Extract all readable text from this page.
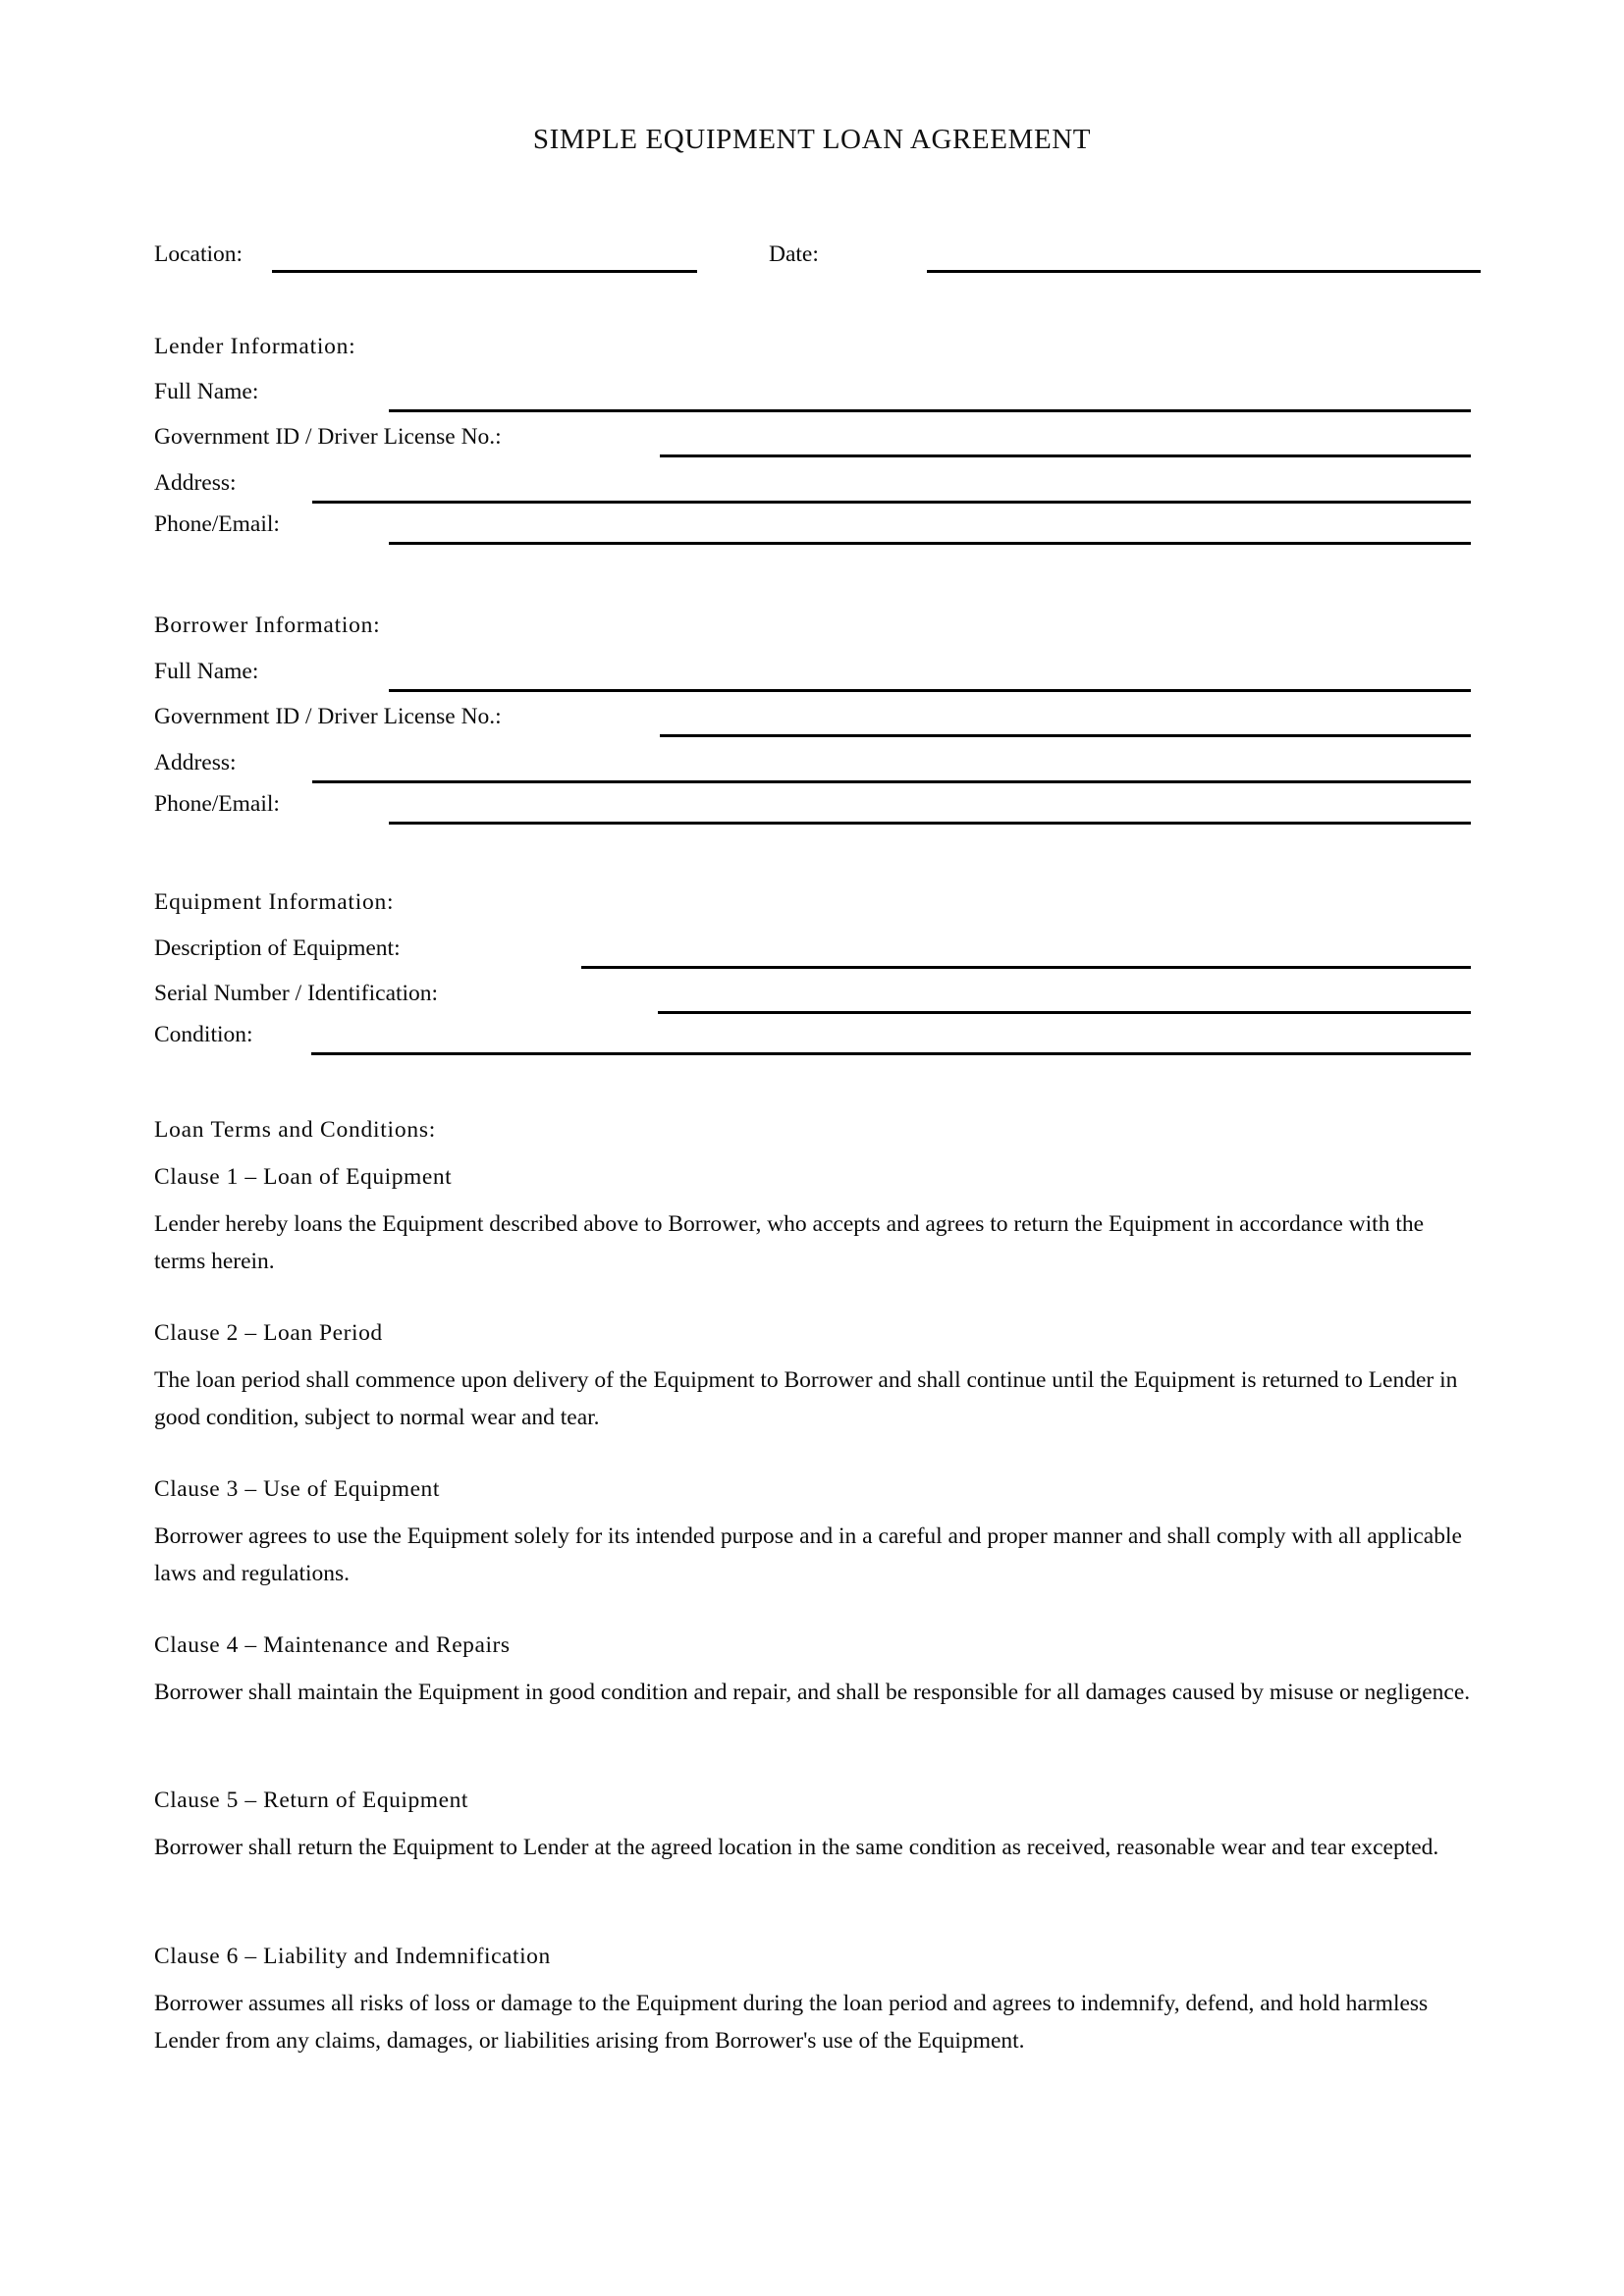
SIMPLE EQUIPMENT LOAN AGREEMENT
Location:	Date:
Lender Information:
Full Name:
Government ID / Driver License No.:
Address:
Phone/Email:
Borrower Information:
Full Name:
Government ID / Driver License No.:
Address:
Phone/Email:
Equipment Information:
Description of Equipment:
Serial Number / Identification:
Condition:
Loan Terms and Conditions:
Clause 1 – Loan of Equipment
Lender hereby loans the Equipment described above to Borrower, who accepts and agrees to return the Equipment in accordance with the terms herein.
Clause 2 – Loan Period
The loan period shall commence upon delivery of the Equipment to Borrower and shall continue until the Equipment is returned to Lender in good condition, subject to normal wear and tear.
Clause 3 – Use of Equipment
Borrower agrees to use the Equipment solely for its intended purpose and in a careful and proper manner and shall comply with all applicable laws and regulations.
Clause 4 – Maintenance and Repairs
Borrower shall maintain the Equipment in good condition and repair, and shall be responsible for all damages caused by misuse or negligence.
Clause 5 – Return of Equipment
Borrower shall return the Equipment to Lender at the agreed location in the same condition as received, reasonable wear and tear excepted.
Clause 6 – Liability and Indemnification
Borrower assumes all risks of loss or damage to the Equipment during the loan period and agrees to indemnify, defend, and hold harmless Lender from any claims, damages, or liabilities arising from Borrower's use of the Equipment.
